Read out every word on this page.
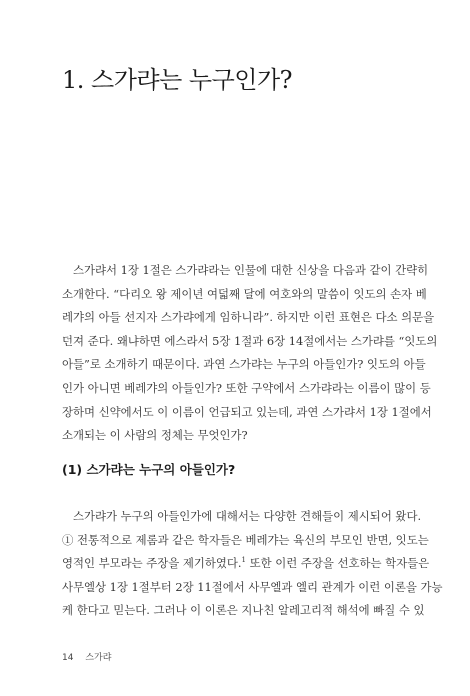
1. 스가랴는 누구인가?

스가랴서 1장 1절은 스가랴라는 인물에 대한 신상을 다음과 같이 간략히
소개한다. “다리오 왕 제이년 여덟째 달에 여호와의 말씀이 잇도의 손자 베
레갸의 아들 선지자 스가랴에게 임하니라”. 하지만 이런 표현은 다소 의문을
던져 준다. 왜냐하면 에스라서 5장 1절과 6장 14절에서는 스가랴를 “잇도의
아들”로 소개하기 때문이다. 과연 스가랴는 누구의 아들인가? 잇도의 아들
인가 아니면 베레갸의 아들인가? 또한 구약에서 스가랴라는 이름이 많이 등
장하며 신약에서도 이 이름이 언급되고 있는데, 과연 스가랴서 1장 1절에서
소개되는 이 사람의 정체는 무엇인가?

(1) 스가랴는 누구의 아들인가?

스가랴가 누구의 아들인가에 대해서는 다양한 견해들이 제시되어 왔다.
① 전통적으로 제롬과 같은 학자들은 베레갸는 육신의 부모인 반면, 잇도는
영적인 부모라는 주장을 제기하였다.$^1$ 또한 이런 주장을 선호하는 학자들은
사무엘상 1장 1절부터 2장 11절에서 사무엘과 엘리 관계가 이런 이론을 가능
케 한다고 믿는다. 그러나 이 이론은 지나친 알레고리적 해석에 빠질 수 있

14 스가랴
